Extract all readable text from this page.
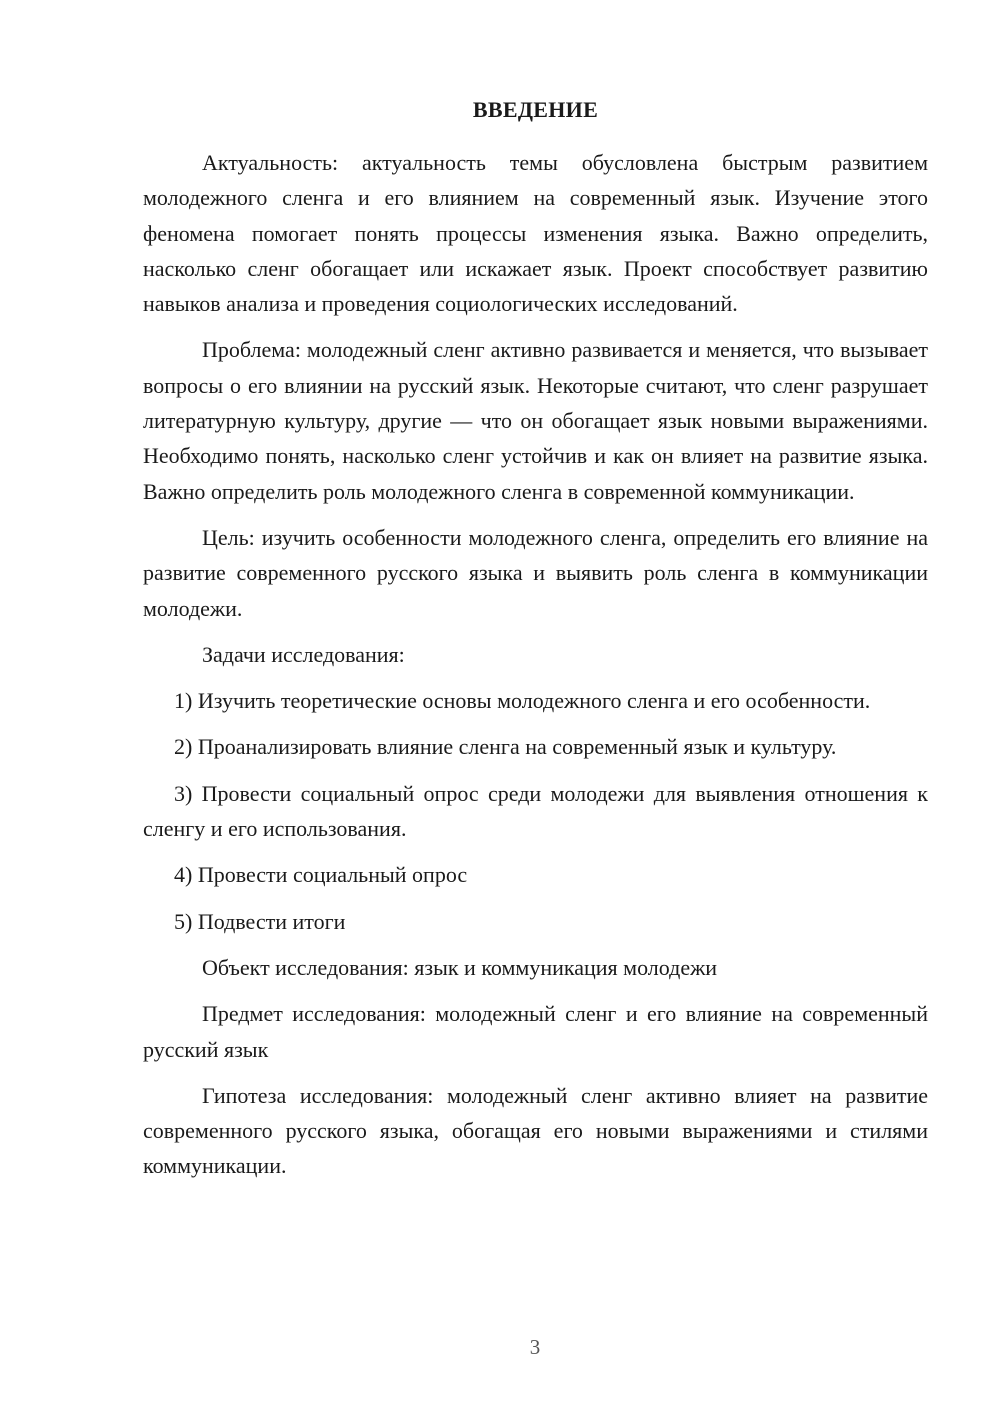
ВВЕДЕНИЕ

Актуальность: актуальность темы обусловлена быстрым развитием молодежного сленга и его влиянием на современный язык. Изучение этого феномена помогает понять процессы изменения языка. Важно определить, насколько сленг обогащает или искажает язык. Проект способствует развитию навыков анализа и проведения социологических исследований.

Проблема: молодежный сленг активно развивается и меняется, что вызывает вопросы о его влиянии на русский язык. Некоторые считают, что сленг разрушает литературную культуру, другие — что он обогащает язык новыми выражениями. Необходимо понять, насколько сленг устойчив и как он влияет на развитие языка. Важно определить роль молодежного сленга в современной коммуникации.

Цель: изучить особенности молодежного сленга, определить его влияние на развитие современного русского языка и выявить роль сленга в коммуникации молодежи.

Задачи исследования:

1) Изучить теоретические основы молодежного сленга и его особенности.

2) Проанализировать влияние сленга на современный язык и культуру.

3) Провести социальный опрос среди молодежи для выявления отношения к сленгу и его использования.

4) Провести социальный опрос

5) Подвести итоги

Объект исследования: язык и коммуникация молодежи

Предмет исследования: молодежный сленг и его влияние на современный русский язык

Гипотеза исследования: молодежный сленг активно влияет на развитие современного русского языка, обогащая его новыми выражениями и стилями коммуникации.

3
